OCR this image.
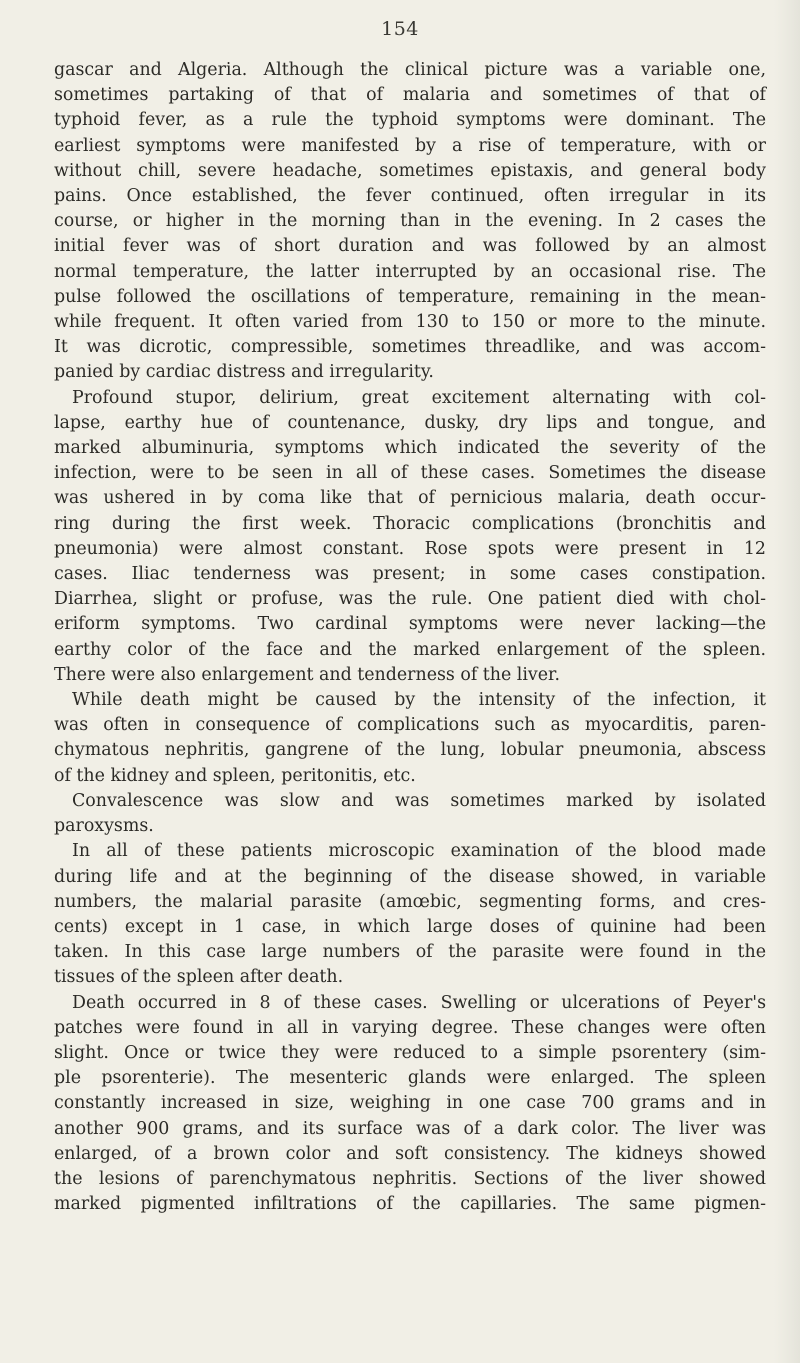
154
gascar and Algeria. Although the clinical picture was a variable one,
sometimes partaking of that of malaria and sometimes of that of
typhoid fever, as a rule the typhoid symptoms were dominant. The
earliest symptoms were manifested by a rise of temperature, with or
without chill, severe headache, sometimes epistaxis, and general body
pains. Once established, the fever continued, often irregular in its
course, or higher in the morning than in the evening. In 2 cases the
initial fever was of short duration and was followed by an almost
normal temperature, the latter interrupted by an occasional rise. The
pulse followed the oscillations of temperature, remaining in the mean-
while frequent. It often varied from 130 to 150 or more to the minute.
It was dicrotic, compressible, sometimes threadlike, and was accom-
panied by cardiac distress and irregularity.
Profound stupor, delirium, great excitement alternating with col-
lapse, earthy hue of countenance, dusky, dry lips and tongue, and
marked albuminuria, symptoms which indicated the severity of the
infection, were to be seen in all of these cases. Sometimes the disease
was ushered in by coma like that of pernicious malaria, death occur-
ring during the first week. Thoracic complications (bronchitis and
pneumonia) were almost constant. Rose spots were present in 12
cases. Iliac tenderness was present; in some cases constipation.
Diarrhea, slight or profuse, was the rule. One patient died with chol-
eriform symptoms. Two cardinal symptoms were never lacking—the
earthy color of the face and the marked enlargement of the spleen.
There were also enlargement and tenderness of the liver.
While death might be caused by the intensity of the infection, it
was often in consequence of complications such as myocarditis, paren-
chymatous nephritis, gangrene of the lung, lobular pneumonia, abscess
of the kidney and spleen, peritonitis, etc.
Convalescence was slow and was sometimes marked by isolated
paroxysms.
In all of these patients microscopic examination of the blood made
during life and at the beginning of the disease showed, in variable
numbers, the malarial parasite (amœbic, segmenting forms, and cres-
cents) except in 1 case, in which large doses of quinine had been
taken. In this case large numbers of the parasite were found in the
tissues of the spleen after death.
Death occurred in 8 of these cases. Swelling or ulcerations of Peyer's
patches were found in all in varying degree. These changes were often
slight. Once or twice they were reduced to a simple psorentery (sim-
ple psorenterie). The mesenteric glands were enlarged. The spleen
constantly increased in size, weighing in one case 700 grams and in
another 900 grams, and its surface was of a dark color. The liver was
enlarged, of a brown color and soft consistency. The kidneys showed
the lesions of parenchymatous nephritis. Sections of the liver showed
marked pigmented infiltrations of the capillaries. The same pigmen-
